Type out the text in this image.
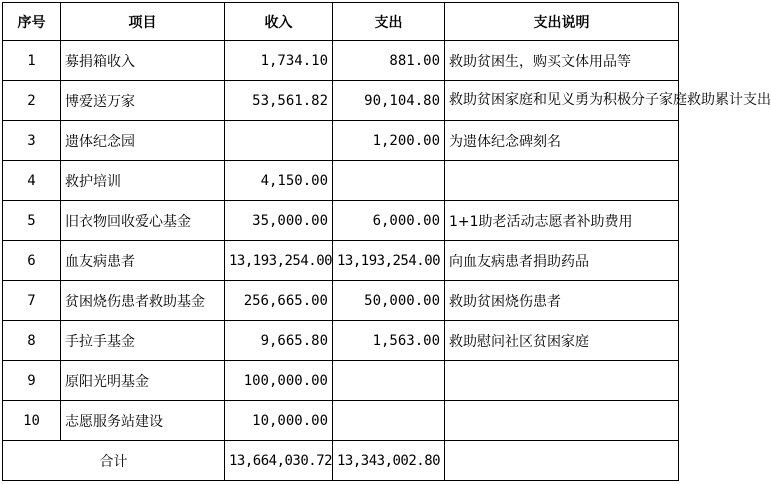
序号	项目	收入	支出	支出说明
1	募捐箱收入	1,734.10	881.00	救助贫困生，购买文体用品等
2	博爱送万家	53,561.82	90,104.80	救助贫困家庭和见义勇为积极分子家庭救助累计支出
3	遗体纪念园		1,200.00	为遗体纪念碑刻名
4	救护培训	4,150.00		
5	旧衣物回收爱心基金	35,000.00	6,000.00	1+1助老活动志愿者补助费用
6	血友病患者	13,193,254.00	13,193,254.00	向血友病患者捐助药品
7	贫困烧伤患者救助基金	256,665.00	50,000.00	救助贫困烧伤患者
8	手拉手基金	9,665.80	1,563.00	救助慰问社区贫困家庭
9	原阳光明基金	100,000.00		
10	志愿服务站建设	10,000.00		
合计		13,664,030.72	13,343,002.80	
